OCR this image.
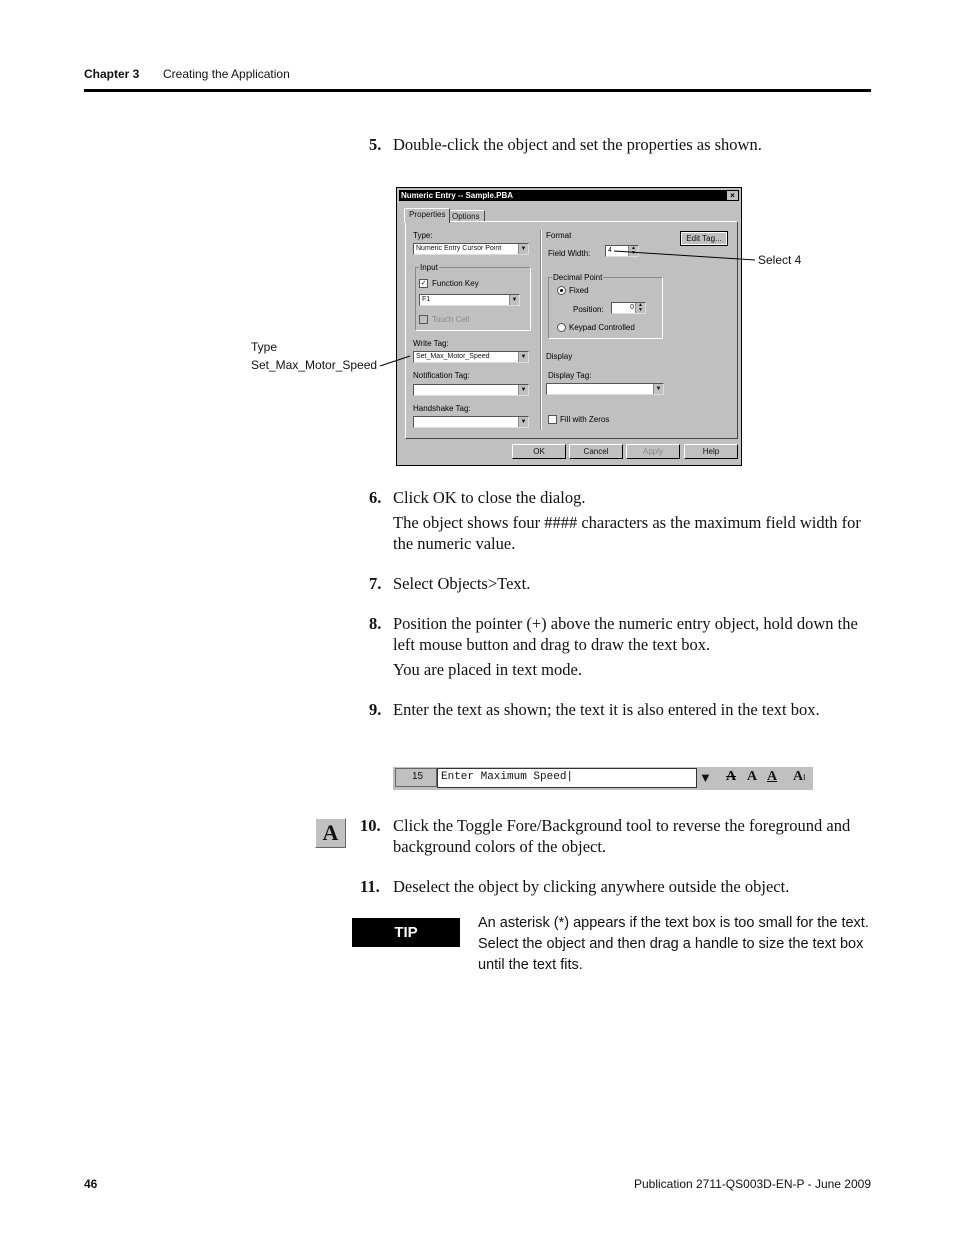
Chapter 3 Creating the Application
5. Double-click the object and set the properties as shown.
Numeric Entry -- Sample.PBA	×
Properties Options
Type:
Numeric Entry Cursor Point	▼
Input
✓ Function Key
F1	▼
Touch Cell
Write Tag:
Set_Max_Motor_Speed	▼
Notification Tag:
▼
Handshake Tag:
▼
Format
Field Width:	4	▲
▼
Decimal Point
Fixed
Position:	0 ▲
▼
Keypad Controlled
Display
Display Tag:
▼
Fill with Zeros
Edit Tag...
OK	Cancel	Apply	Help
Select 4
Type
Set_Max_Motor_Speed
6. Click OK to close the dialog.
The object shows four #### characters as the maximum field width for the numeric value.
7. Select Objects>Text.
8. Position the pointer (+) above the numeric entry object, hold down the left mouse button and drag to draw the text box.
You are placed in text mode.
9. Enter the text as shown; the text it is also entered in the text box.
15	Enter Maximum Speed|	▼ A A A A⁝
A	10. Click the Toggle Fore/Background tool to reverse the foreground and background colors of the object.
11. Deselect the object by clicking anywhere outside the object.
TIP
An asterisk (*) appears if the text box is too small for the text. Select the object and then drag a handle to size the text box until the text fits.
46	Publication 2711-QS003D-EN-P - June 2009
